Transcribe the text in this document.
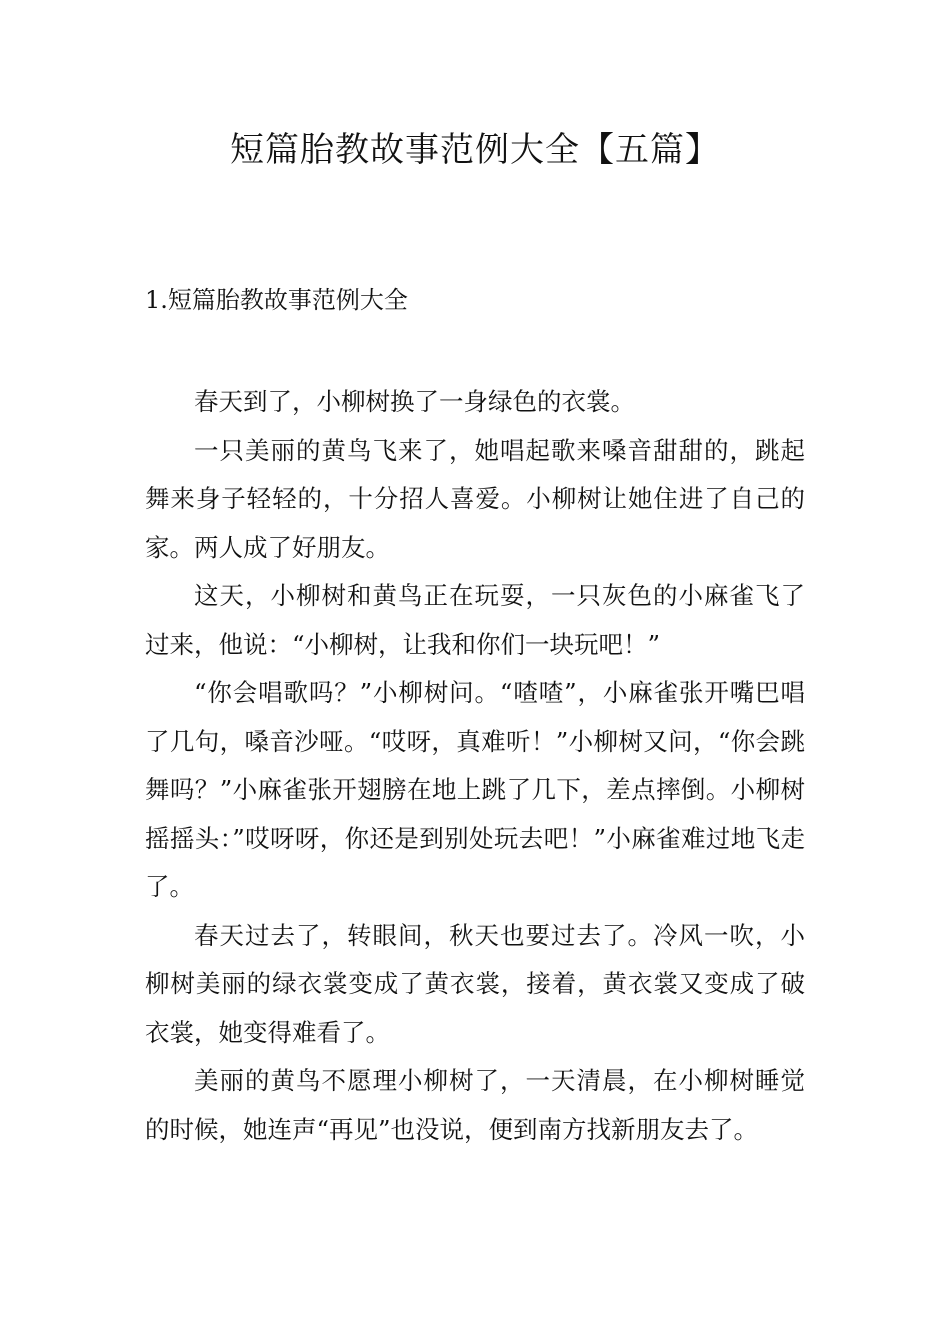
短篇胎教故事范例大全【五篇】
1.短篇胎教故事范例大全

春天到了，小柳树换了一身绿色的衣裳。

一只美丽的黄鸟飞来了，她唱起歌来嗓音甜甜的，跳起舞来身子轻轻的，十分招人喜爱。小柳树让她住进了自己的家。两人成了好朋友。

这天，小柳树和黄鸟正在玩耍，一只灰色的小麻雀飞了过来，他说：“小柳树，让我和你们一块玩吧！”

“你会唱歌吗？”小柳树问。“喳喳”，小麻雀张开嘴巴唱了几句，嗓音沙哑。“哎呀，真难听！”小柳树又问，“你会跳舞吗？”小麻雀张开翅膀在地上跳了几下，差点摔倒。小柳树摇摇头：”哎呀呀，你还是到别处玩去吧！”小麻雀难过地飞走了。

春天过去了，转眼间，秋天也要过去了。冷风一吹，小柳树美丽的绿衣裳变成了黄衣裳，接着，黄衣裳又变成了破衣裳，她变得难看了。

美丽的黄鸟不愿理小柳树了，一天清晨，在小柳树睡觉的时候，她连声“再见”也没说，便到南方找新朋友去了。
